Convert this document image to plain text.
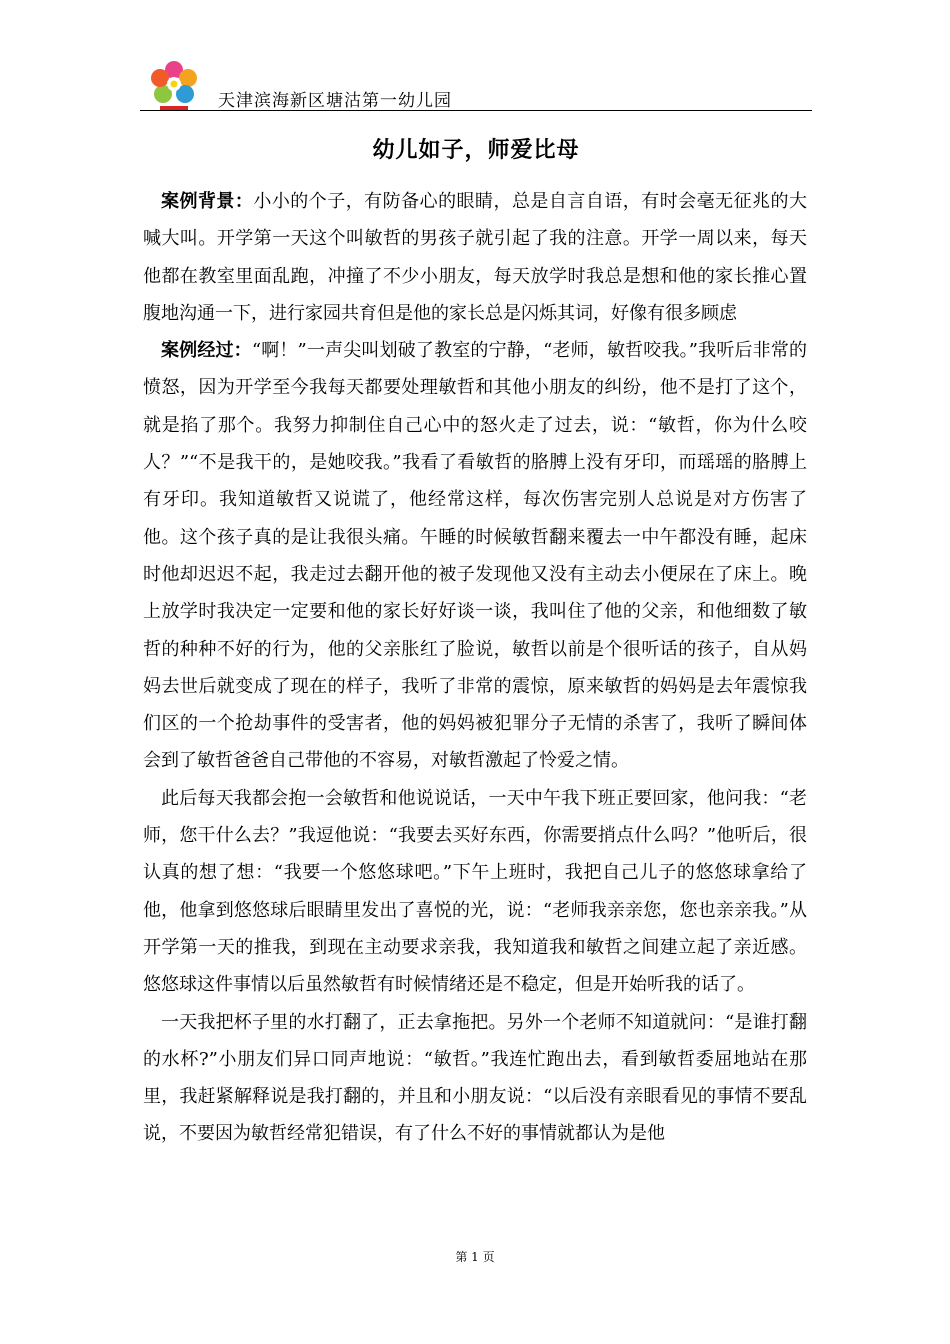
天津滨海新区塘沽第一幼儿园
幼儿如子，师爱比母

案例背景：小小的个子，有防备心的眼睛，总是自言自语，有时会毫无征兆的大喊大叫。开学第一天这个叫敏哲的男孩子就引起了我的注意。开学一周以来，每天他都在教室里面乱跑，冲撞了不少小朋友，每天放学时我总是想和他的家长推心置腹地沟通一下，进行家园共育但是他的家长总是闪烁其词，好像有很多顾虑

案例经过：“啊！”一声尖叫划破了教室的宁静，“老师，敏哲咬我。”我听后非常的愤怒，因为开学至今我每天都要处理敏哲和其他小朋友的纠纷，他不是打了这个，就是掐了那个。我努力抑制住自己心中的怒火走了过去，说：“敏哲，你为什么咬人？”“不是我干的，是她咬我。”我看了看敏哲的胳膊上没有牙印，而瑶瑶的胳膊上有牙印。我知道敏哲又说谎了，他经常这样，每次伤害完别人总说是对方伤害了他。这个孩子真的是让我很头痛。午睡的时候敏哲翻来覆去一中午都没有睡，起床时他却迟迟不起，我走过去翻开他的被子发现他又没有主动去小便尿在了床上。晚上放学时我决定一定要和他的家长好好谈一谈，我叫住了他的父亲，和他细数了敏哲的种种不好的行为，他的父亲胀红了脸说，敏哲以前是个很听话的孩子，自从妈妈去世后就变成了现在的样子，我听了非常的震惊，原来敏哲的妈妈是去年震惊我们区的一个抢劫事件的受害者，他的妈妈被犯罪分子无情的杀害了，我听了瞬间体会到了敏哲爸爸自己带他的不容易，对敏哲激起了怜爱之情。

此后每天我都会抱一会敏哲和他说说话，一天中午我下班正要回家，他问我：“老师，您干什么去？”我逗他说：“我要去买好东西，你需要捎点什么吗？”他听后，很认真的想了想：“我要一个悠悠球吧。”下午上班时，我把自己儿子的悠悠球拿给了他，他拿到悠悠球后眼睛里发出了喜悦的光，说：“老师我亲亲您，您也亲亲我。”从开学第一天的推我，到现在主动要求亲我，我知道我和敏哲之间建立起了亲近感。悠悠球这件事情以后虽然敏哲有时候情绪还是不稳定，但是开始听我的话了。

一天我把杯子里的水打翻了，正去拿拖把。另外一个老师不知道就问：“是谁打翻的水杯?”小朋友们异口同声地说：“敏哲。”我连忙跑出去，看到敏哲委屈地站在那里，我赶紧解释说是我打翻的，并且和小朋友说：“以后没有亲眼看见的事情不要乱说，不要因为敏哲经常犯错误，有了什么不好的事情就都认为是他

第 1 页
